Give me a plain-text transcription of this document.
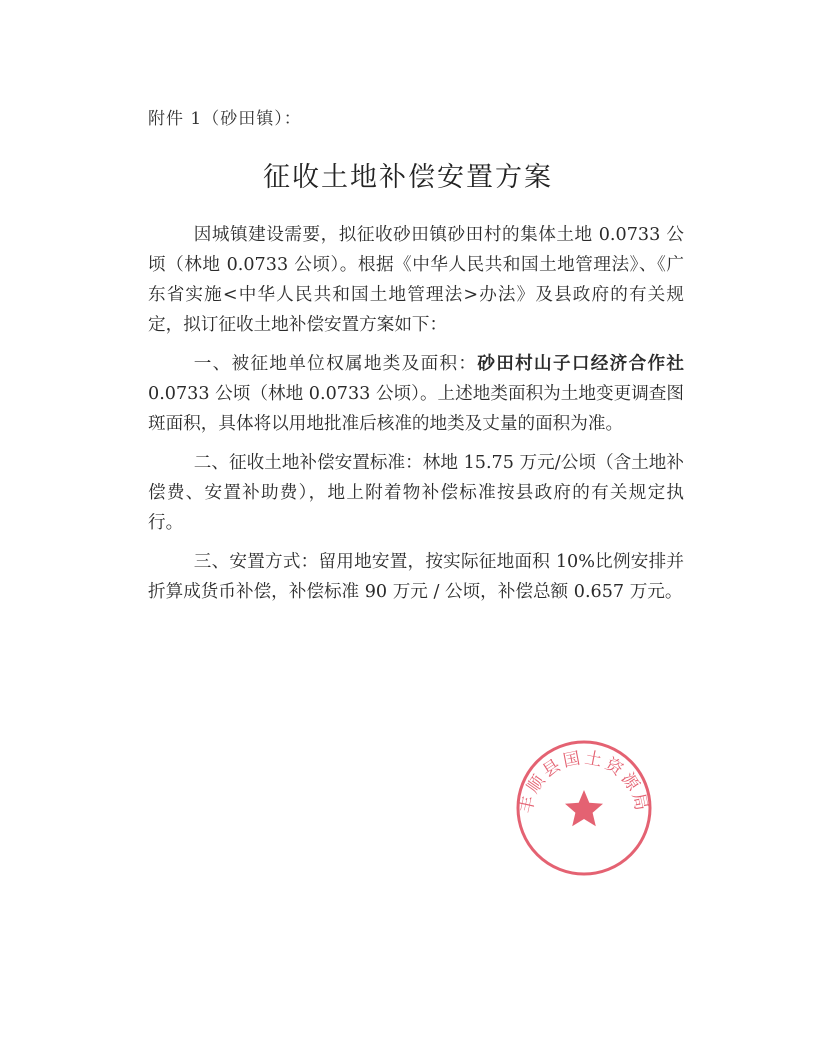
附件 1（砂田镇）：
征收土地补偿安置方案

因城镇建设需要，拟征收砂田镇砂田村的集体土地 0.0733 公顷（林地 0.0733 公顷）。根据《中华人民共和国土地管理法》、《广东省实施<中华人民共和国土地管理法>办法》及县政府的有关规定，拟订征收土地补偿安置方案如下：

一、被征地单位权属地类及面积：砂田村山子口经济合作社 0.0733 公顷（林地 0.0733 公顷）。上述地类面积为土地变更调查图斑面积，具体将以用地批准后核准的地类及丈量的面积为准。

二、征收土地补偿安置标准：林地 15.75 万元/公顷（含土地补偿费、安置补助费），地上附着物补偿标准按县政府的有关规定执行。

三、安置方式：留用地安置，按实际征地面积 10%比例安排并折算成货币补偿，补偿标准 90 万元 / 公顷，补偿总额 0.657 万元。

丰顺县国土资源局
